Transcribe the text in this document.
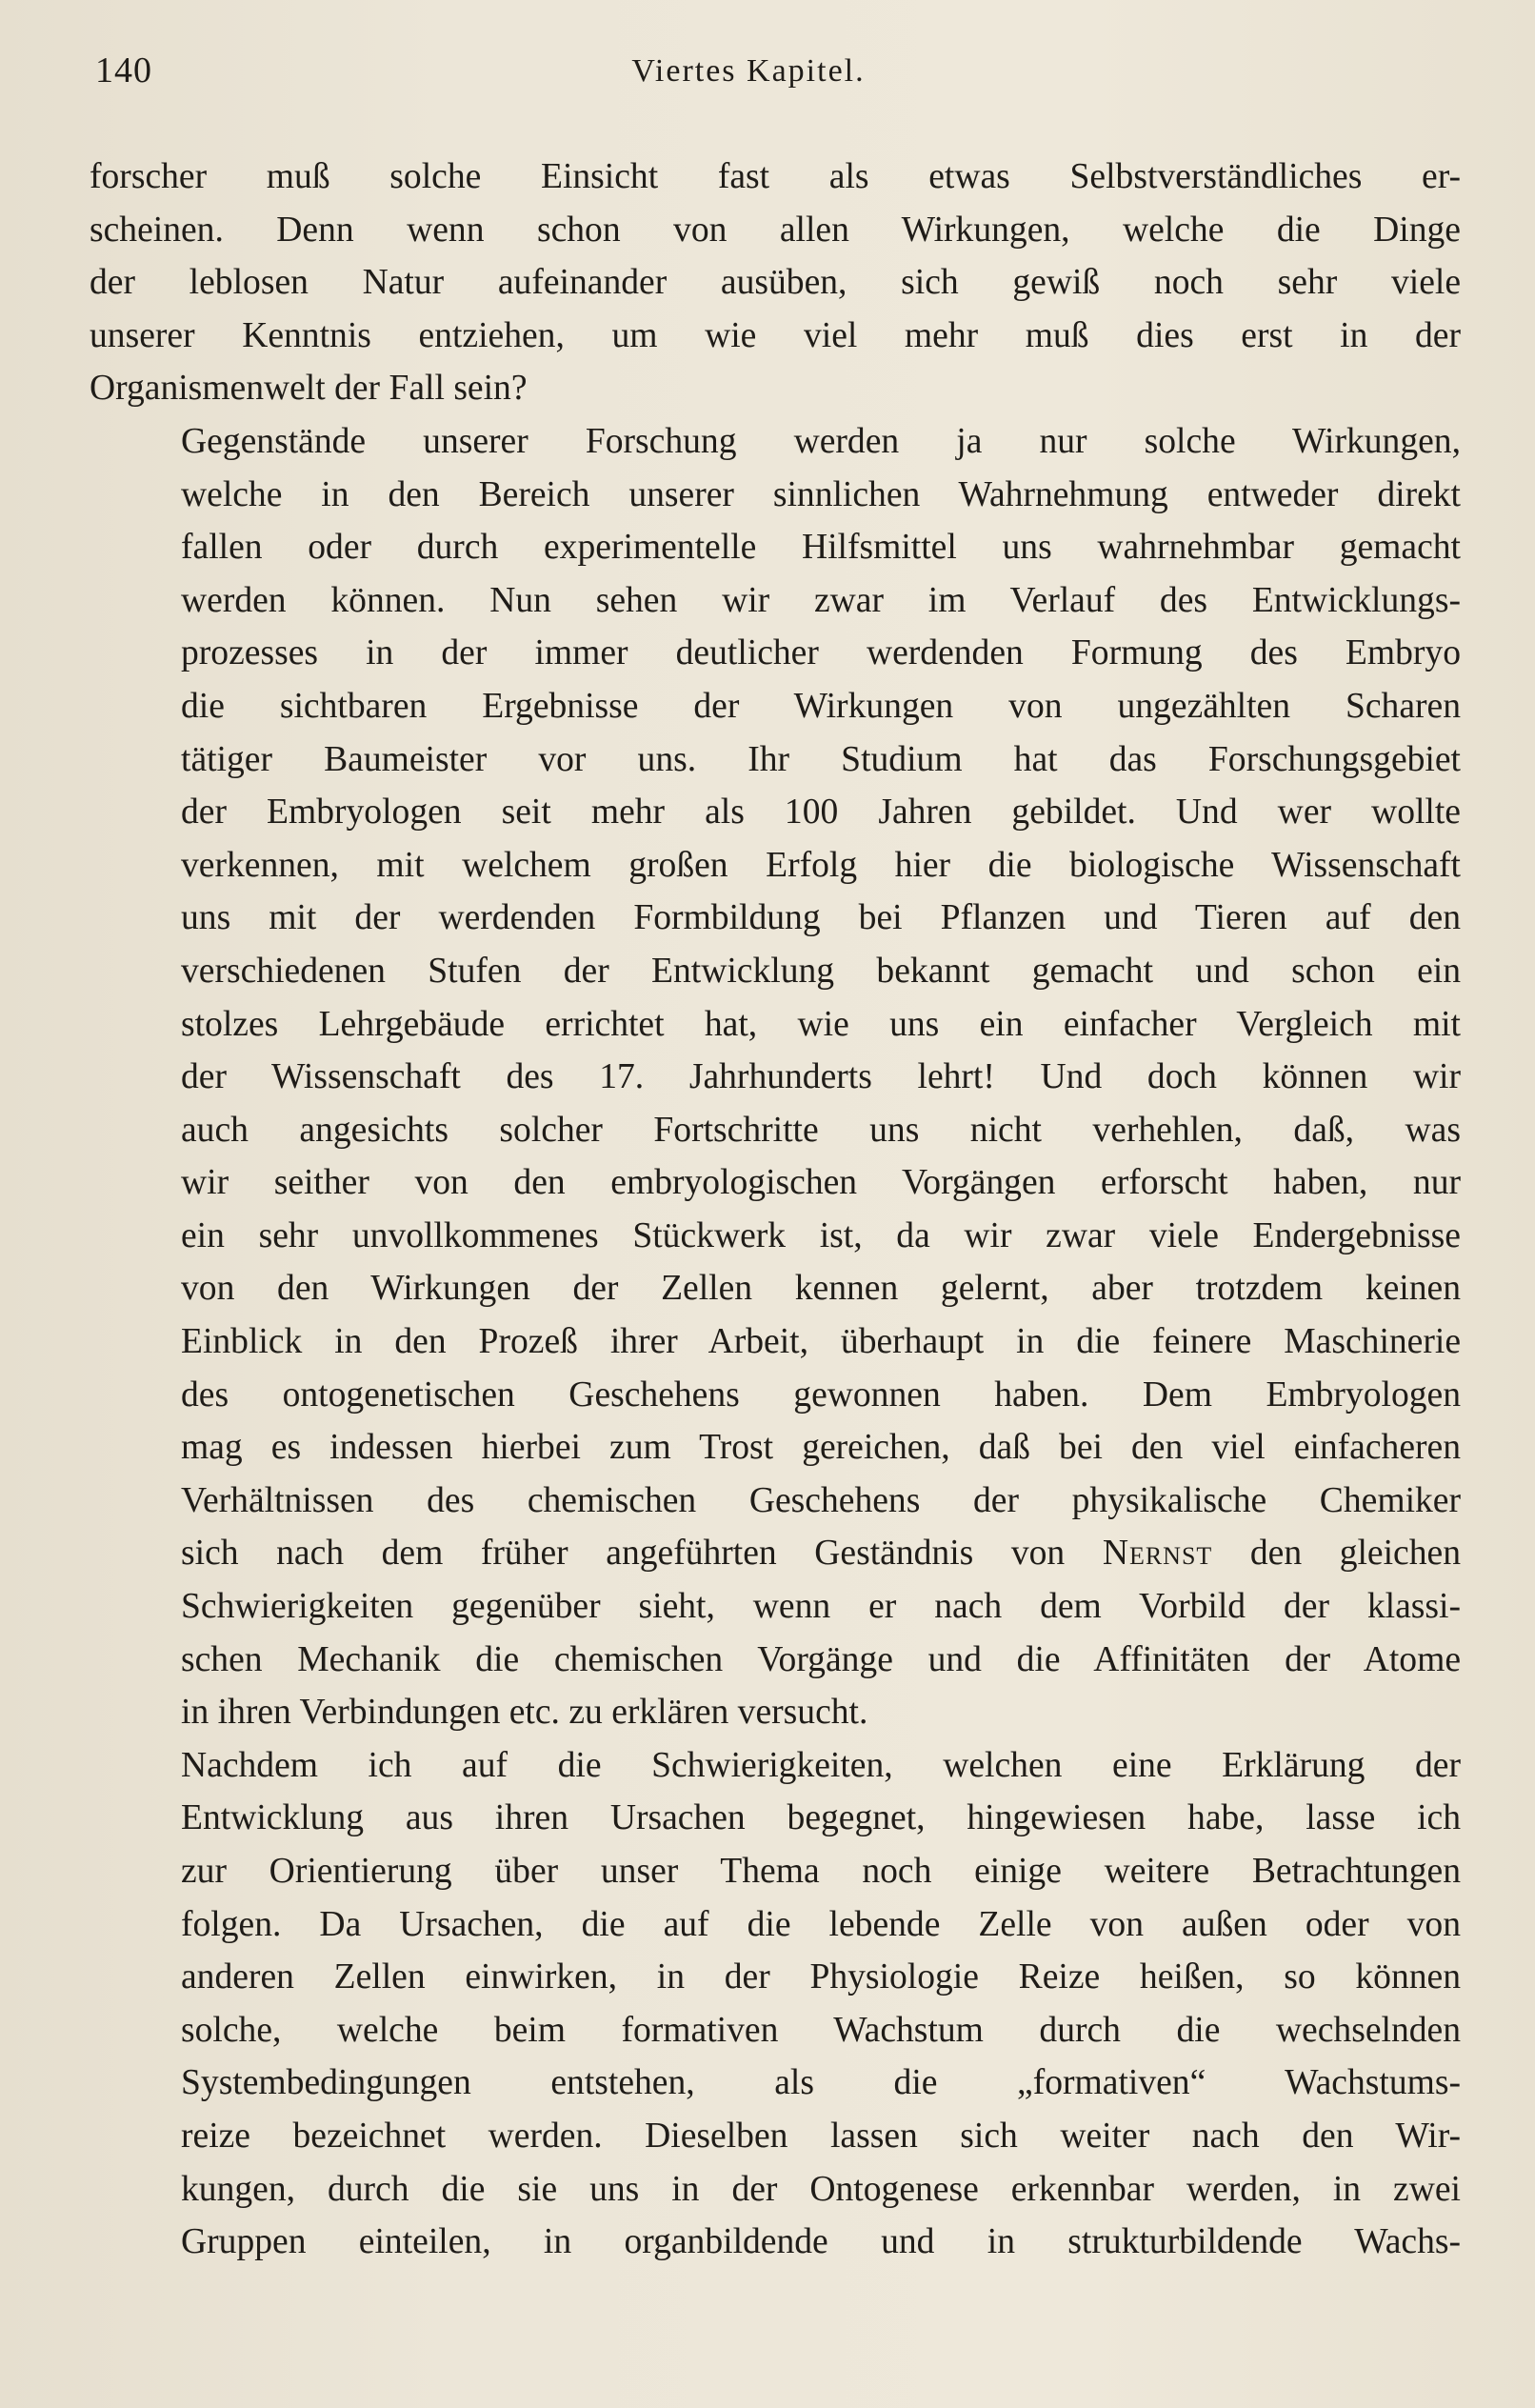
140	Viertes Kapitel.
forscher muß solche Einsicht fast als etwas Selbstverständliches er-
scheinen. Denn wenn schon von allen Wirkungen, welche die Dinge
der leblosen Natur aufeinander ausüben, sich gewiß noch sehr viele
unserer Kenntnis entziehen, um wie viel mehr muß dies erst in der
Organismenwelt der Fall sein?
Gegenstände unserer Forschung werden ja nur solche Wirkungen,
welche in den Bereich unserer sinnlichen Wahrnehmung entweder direkt
fallen oder durch experimentelle Hilfsmittel uns wahrnehmbar gemacht
werden können. Nun sehen wir zwar im Verlauf des Entwicklungs-
prozesses in der immer deutlicher werdenden Formung des Embryo
die sichtbaren Ergebnisse der Wirkungen von ungezählten Scharen
tätiger Baumeister vor uns. Ihr Studium hat das Forschungsgebiet
der Embryologen seit mehr als 100 Jahren gebildet. Und wer wollte
verkennen, mit welchem großen Erfolg hier die biologische Wissenschaft
uns mit der werdenden Formbildung bei Pflanzen und Tieren auf den
verschiedenen Stufen der Entwicklung bekannt gemacht und schon ein
stolzes Lehrgebäude errichtet hat, wie uns ein einfacher Vergleich mit
der Wissenschaft des 17. Jahrhunderts lehrt! Und doch können wir
auch angesichts solcher Fortschritte uns nicht verhehlen, daß, was
wir seither von den embryologischen Vorgängen erforscht haben, nur
ein sehr unvollkommenes Stückwerk ist, da wir zwar viele Endergebnisse
von den Wirkungen der Zellen kennen gelernt, aber trotzdem keinen
Einblick in den Prozeß ihrer Arbeit, überhaupt in die feinere Maschinerie
des ontogenetischen Geschehens gewonnen haben. Dem Embryologen
mag es indessen hierbei zum Trost gereichen, daß bei den viel einfacheren
Verhältnissen des chemischen Geschehens der physikalische Chemiker
sich nach dem früher angeführten Geständnis von Nernst den gleichen
Schwierigkeiten gegenüber sieht, wenn er nach dem Vorbild der klassi-
schen Mechanik die chemischen Vorgänge und die Affinitäten der Atome
in ihren Verbindungen etc. zu erklären versucht.
Nachdem ich auf die Schwierigkeiten, welchen eine Erklärung der
Entwicklung aus ihren Ursachen begegnet, hingewiesen habe, lasse ich
zur Orientierung über unser Thema noch einige weitere Betrachtungen
folgen. Da Ursachen, die auf die lebende Zelle von außen oder von
anderen Zellen einwirken, in der Physiologie Reize heißen, so können
solche, welche beim formativen Wachstum durch die wechselnden
Systembedingungen entstehen, als die „formativen“ Wachstums-
reize bezeichnet werden. Dieselben lassen sich weiter nach den Wir-
kungen, durch die sie uns in der Ontogenese erkennbar werden, in zwei
Gruppen einteilen, in organbildende und in strukturbildende Wachs-
